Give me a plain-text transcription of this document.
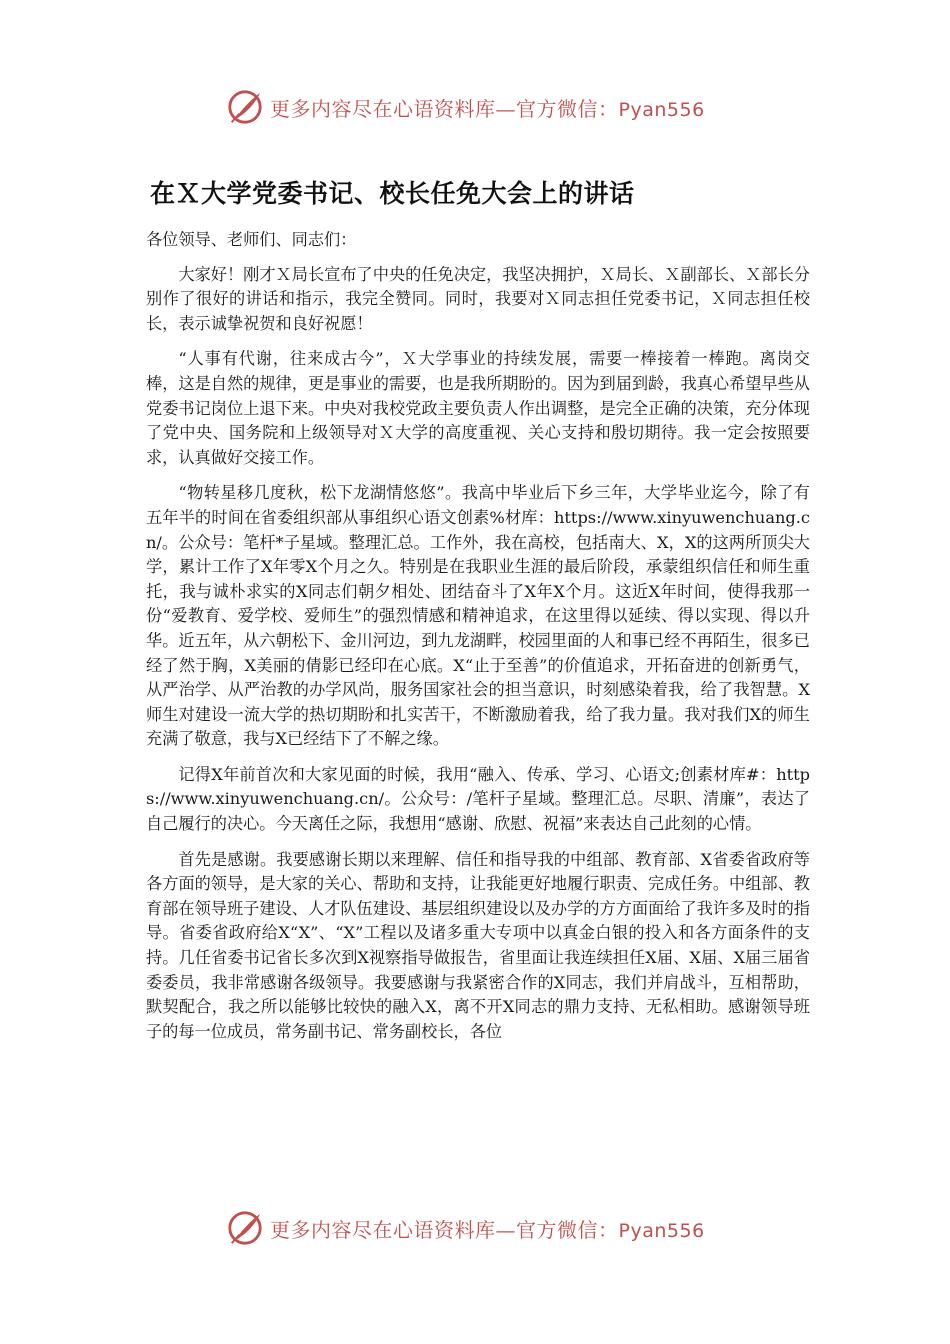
更多内容尽在心语资料库—官方微信：Pyan556
在Ｘ大学党委书记、校长任免大会上的讲话

各位领导、老师们、同志们：

大家好！刚才Ｘ局长宣布了中央的任免决定，我坚决拥护，Ｘ局长、Ｘ副部长、Ｘ部长分别作了很好的讲话和指示，我完全赞同。同时，我要对Ｘ同志担任党委书记，Ｘ同志担任校长，表示诚挚祝贺和良好祝愿！

“人事有代谢，往来成古今”，Ｘ大学事业的持续发展，需要一棒接着一棒跑。离岗交棒，这是自然的规律，更是事业的需要，也是我所期盼的。因为到届到龄，我真心希望早些从党委书记岗位上退下来。中央对我校党政主要负责人作出调整，是完全正确的决策，充分体现了党中央、国务院和上级领导对Ｘ大学的高度重视、关心支持和殷切期待。我一定会按照要求，认真做好交接工作。

“物转星移几度秋，松下龙湖情悠悠”。我高中毕业后下乡三年，大学毕业迄今，除了有五年半的时间在省委组织部从事组织心语文创素%材库：https://www.xinyuwenchuang.cn/。公众号：笔杆*子星域。整理汇总。工作外，我在高校，包括南大、X，X的这两所顶尖大学，累计工作了X年零X个月之久。特别是在我职业生涯的最后阶段，承蒙组织信任和师生重托，我与诚朴求实的X同志们朝夕相处、团结奋斗了X年X个月。这近X年时间，使得我那一份“爱教育、爱学校、爱师生”的强烈情感和精神追求，在这里得以延续、得以实现、得以升华。近五年，从六朝松下、金川河边，到九龙湖畔，校园里面的人和事已经不再陌生，很多已经了然于胸，X美丽的倩影已经印在心底。X“止于至善”的价值追求，开拓奋进的创新勇气，从严治学、从严治教的办学风尚，服务国家社会的担当意识，时刻感染着我，给了我智慧。X师生对建设一流大学的热切期盼和扎实苦干，不断激励着我，给了我力量。我对我们X的师生充满了敬意，我与X已经结下了不解之缘。

记得X年前首次和大家见面的时候，我用“融入、传承、学习、心语文;创素材库#：https://www.xinyuwenchuang.cn/。公众号：/笔杆子星域。整理汇总。尽职、清廉”，表达了自己履行的决心。今天离任之际，我想用“感谢、欣慰、祝福”来表达自己此刻的心情。

首先是感谢。我要感谢长期以来理解、信任和指导我的中组部、教育部、X省委省政府等各方面的领导，是大家的关心、帮助和支持，让我能更好地履行职责、完成任务。中组部、教育部在领导班子建设、人才队伍建设、基层组织建设以及办学的方方面面给了我许多及时的指导。省委省政府给X“X”、“X”工程以及诸多重大专项中以真金白银的投入和各方面条件的支持。几任省委书记省长多次到X视察指导做报告，省里面让我连续担任X届、X届、X届三届省委委员，我非常感谢各级领导。我要感谢与我紧密合作的X同志，我们并肩战斗，互相帮助，默契配合，我之所以能够比较快的融入X，离不开X同志的鼎力支持、无私相助。感谢领导班子的每一位成员，常务副书记、常务副校长，各位

更多内容尽在心语资料库—官方微信：Pyan556
